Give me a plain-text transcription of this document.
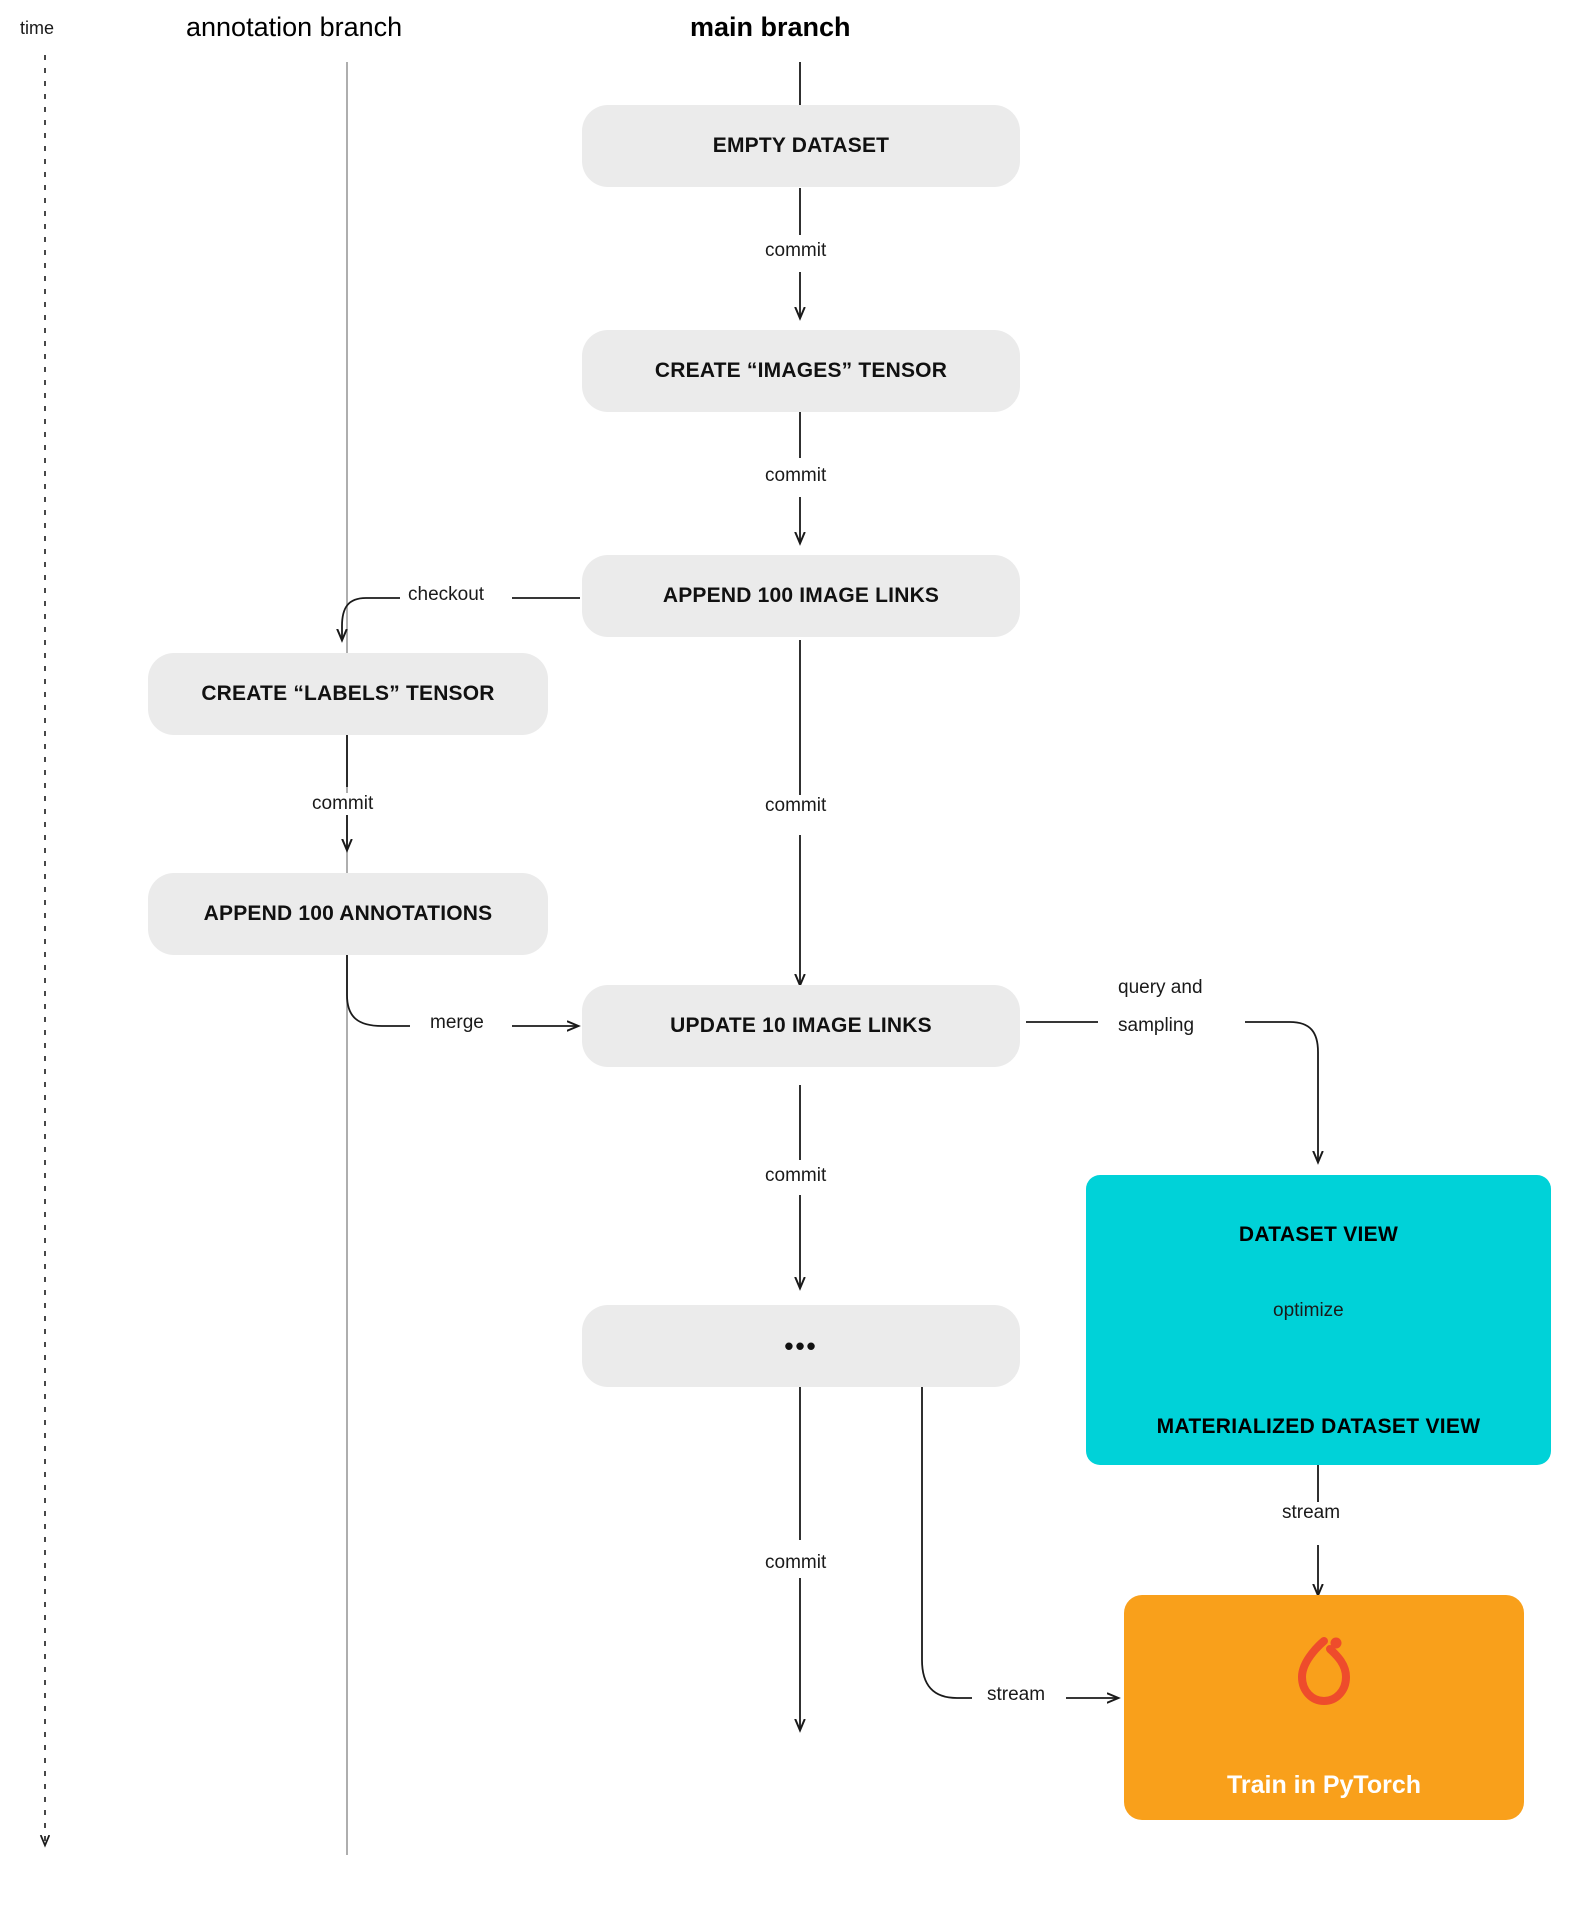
time	annotation branch	main branch
EMPTY DATASET
CREATE “IMAGES” TENSOR
APPEND 100 IMAGE LINKS
CREATE “LABELS” TENSOR
APPEND 100 ANNOTATIONS
UPDATE 10 IMAGE LINKS
•••
DATASET VIEW
MATERIALIZED DATASET VIEW
Train in PyTorch
commit
commit
checkout
commit	commit
merge
query and
sampling
commit
commit
optimize
stream
stream
